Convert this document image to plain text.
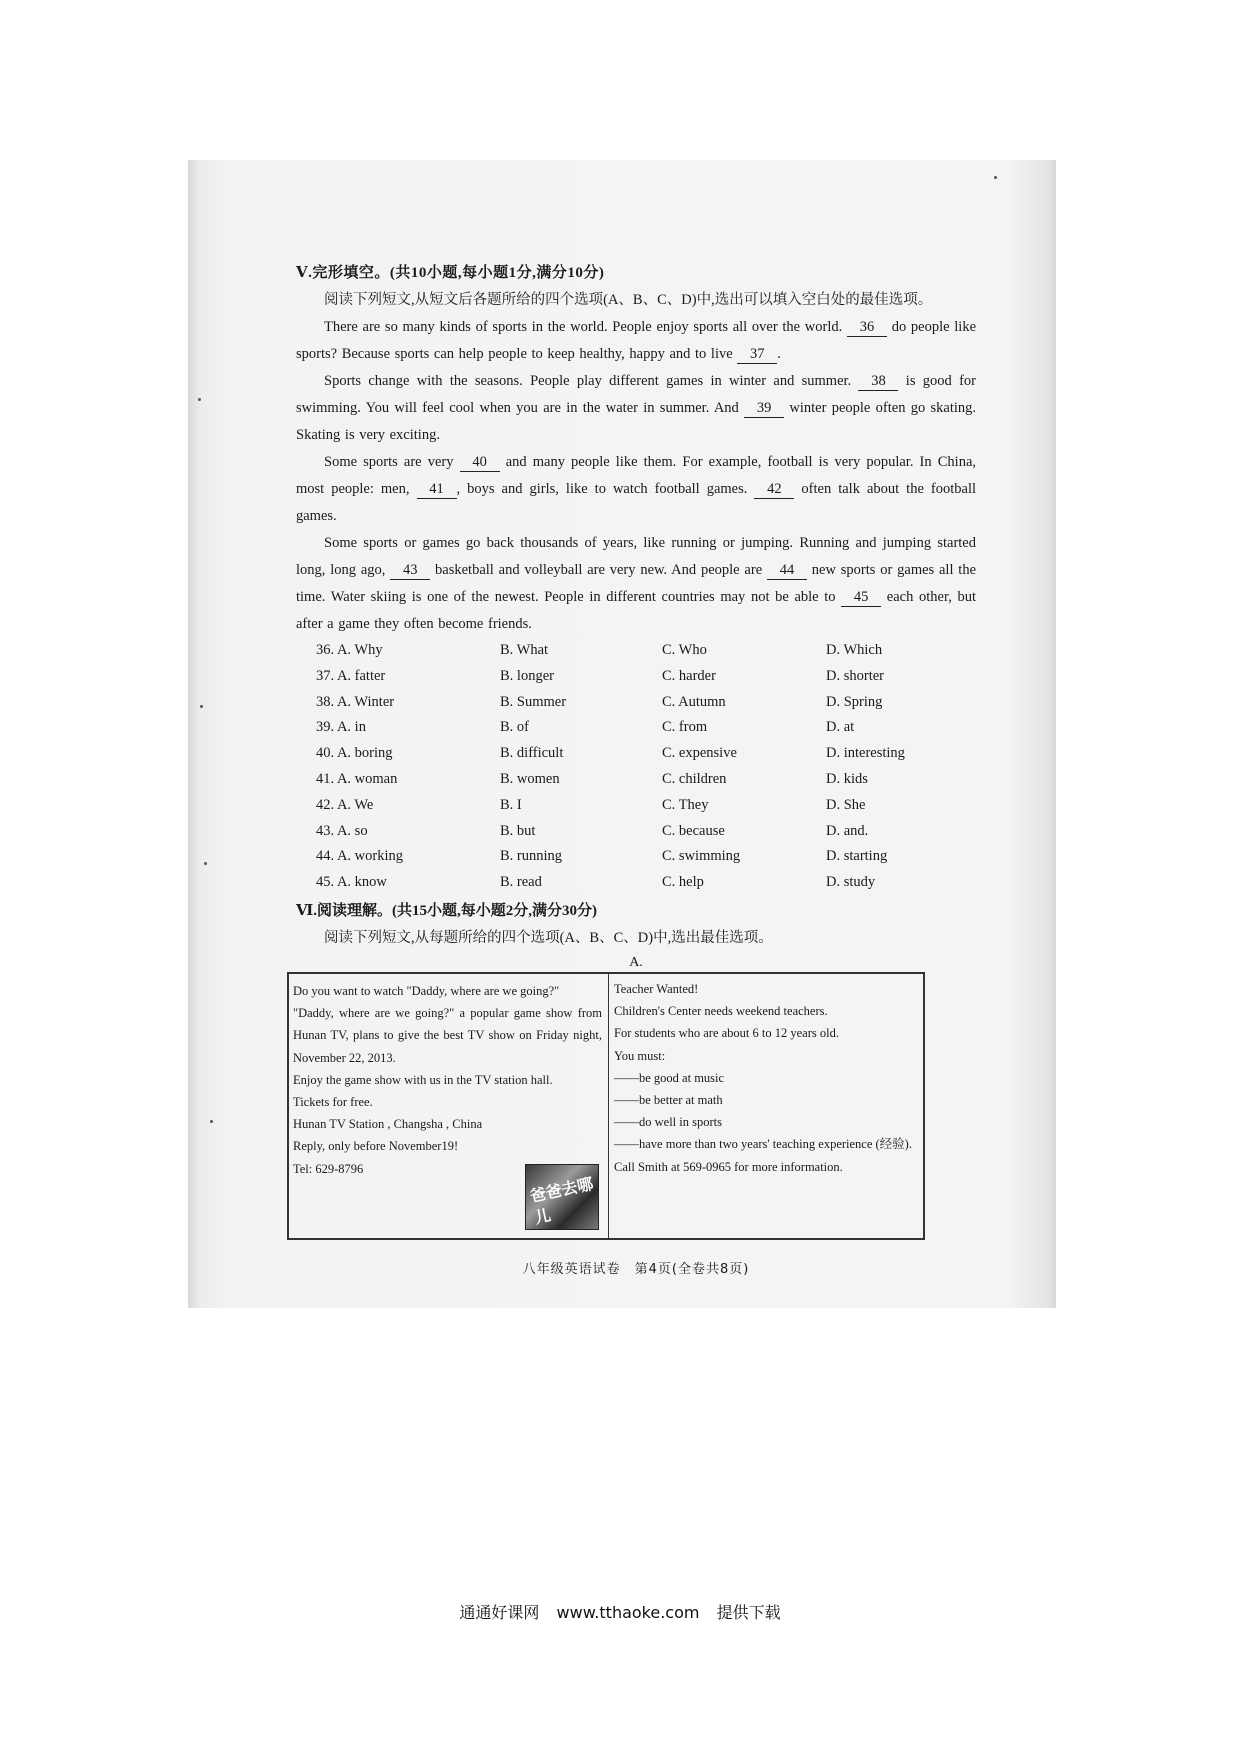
Ⅴ.完形填空。(共10小题,每小题1分,满分10分)
阅读下列短文,从短文后各题所给的四个选项(A、B、C、D)中,选出可以填入空白处的最佳选项。
There are so many kinds of sports in the world. People enjoy sports all over the world. 36 do people like sports? Because sports can help people to keep healthy, happy and to live 37 .
Sports change with the seasons. People play different games in winter and summer. 38 is good for swimming. You will feel cool when you are in the water in summer. And 39 winter people often go skating. Skating is very exciting.
Some sports are very 40 and many people like them. For example, football is very popular. In China, most people: men, 41 , boys and girls, like to watch football games. 42 often talk about the football games.
Some sports or games go back thousands of years, like running or jumping. Running and jumping started long, long ago, 43 basketball and volleyball are very new. And people are 44 new sports or games all the time. Water skiing is one of the newest. People in different countries may not be able to 45 each other, but after a game they often become friends.
36. A. Why	B. What	C. Who	D. Which
37. A. fatter	B. longer	C. harder	D. shorter
38. A. Winter	B. Summer	C. Autumn	D. Spring
39. A. in	B. of	C. from	D. at
40. A. boring	B. difficult	C. expensive	D. interesting
41. A. woman	B. women	C. children	D. kids
42. A. We	B. I	C. They	D. She
43. A. so	B. but	C. because	D. and.
44. A. working	B. running	C. swimming	D. starting
45. A. know	B. read	C. help	D. study
Ⅵ.阅读理解。(共15小题,每小题2分,满分30分)
阅读下列短文,从每题所给的四个选项(A、B、C、D)中,选出最佳选项。
A.
Do you want to watch "Daddy, where are we going?"
"Daddy, where are we going?" a popular game show from Hunan TV, plans to give the best TV show on Friday night, November 22, 2013.
Enjoy the game show with us in the TV station hall.
Tickets for free.
Hunan TV Station , Changsha , China
Reply, only before November19!
Tel: 629-8796
爸爸去哪儿
Teacher Wanted!
Children's Center needs weekend teachers.
For students who are about 6 to 12 years old.
You must:
——be good at music
——be better at math
——do well in sports
——have more than two years' teaching experience (经验).
Call Smith at 569-0965 for more information.
八年级英语试卷　第4页(全卷共8页)
通通好课网 www.tthaoke.com 提供下载
